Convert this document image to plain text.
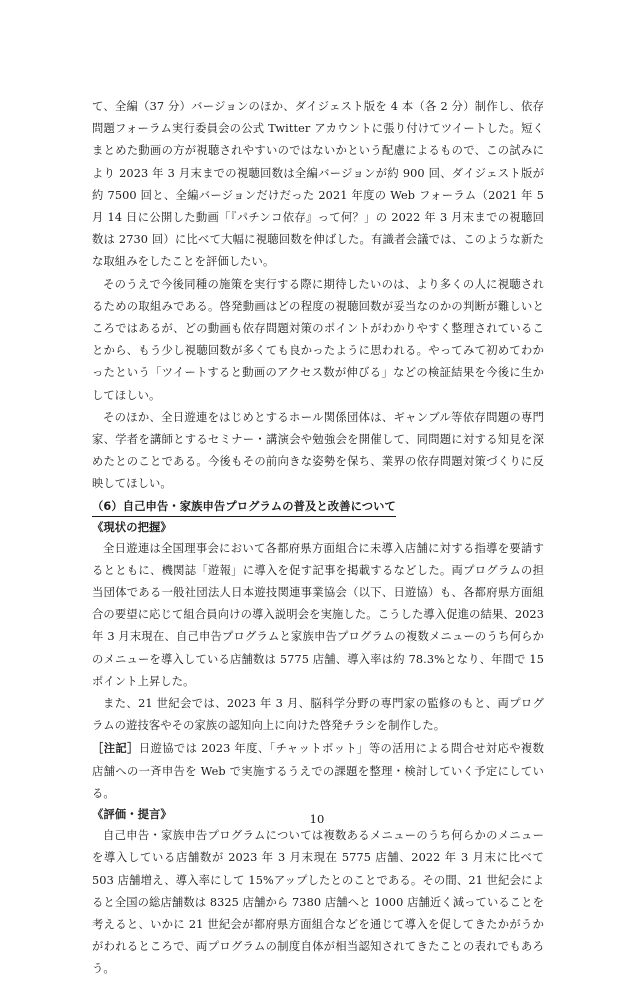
て、全編（37 分）バージョンのほか、ダイジェスト版を 4 本（各 2 分）制作し、依存問題フォーラム実行委員会の公式 Twitter アカウントに張り付けてツイートした。短くまとめた動画の方が視聴されやすいのではないかという配慮によるもので、この試みにより 2023 年 3 月末までの視聴回数は全編バージョンが約 900 回、ダイジェスト版が約 7500 回と、全編バージョンだけだった 2021 年度の Web フォーラム（2021 年 5 月 14 日に公開した動画「『パチンコ依存』って何？」の 2022 年 3 月末までの視聴回数は 2730 回）に比べて大幅に視聴回数を伸ばした。有識者会議では、このような新たな取組みをしたことを評価したい。

そのうえで今後同種の施策を実行する際に期待したいのは、より多くの人に視聴されるための取組みである。啓発動画はどの程度の視聴回数が妥当なのかの判断が難しいところではあるが、どの動画も依存問題対策のポイントがわかりやすく整理されていることから、もう少し視聴回数が多くても良かったように思われる。やってみて初めてわかったという「ツイートすると動画のアクセス数が伸びる」などの検証結果を今後に生かしてほしい。

そのほか、全日遊連をはじめとするホール関係団体は、ギャンブル等依存問題の専門家、学者を講師とするセミナー・講演会や勉強会を開催して、同問題に対する知見を深めたとのことである。今後もその前向きな姿勢を保ち、業界の依存問題対策づくりに反映してほしい。

（6）自己申告・家族申告プログラムの普及と改善について
《現状の把握》

全日遊連は全国理事会において各都府県方面組合に未導入店舗に対する指導を要請するとともに、機関誌「遊報」に導入を促す記事を掲載するなどした。両プログラムの担当団体である一般社団法人日本遊技関連事業協会（以下、日遊協）も、各都府県方面組合の要望に応じて組合員向けの導入説明会を実施した。こうした導入促進の結果、2023 年 3 月末現在、自己申告プログラムと家族申告プログラムの複数メニューのうち何らかのメニューを導入している店舗数は 5775 店舗、導入率は約 78.3%となり、年間で 15 ポイント上昇した。

また、21 世紀会では、2023 年 3 月、脳科学分野の専門家の監修のもと、両プログラムの遊技客やその家族の認知向上に向けた啓発チラシを制作した。

［注記］日遊協では 2023 年度、「チャットボット」等の活用による問合せ対応や複数店舗への一斉申告を Web で実施するうえでの課題を整理・検討していく予定にしている。

《評価・提言》

自己申告・家族申告プログラムについては複数あるメニューのうち何らかのメニューを導入している店舗数が 2023 年 3 月末現在 5775 店舗、2022 年 3 月末に比べて 503 店舗増え、導入率にして 15%アップしたとのことである。その間、21 世紀会によると全国の総店舗数は 8325 店舗から 7380 店舗へと 1000 店舗近く減っていることを考えると、いかに 21 世紀会が都府県方面組合などを通じて導入を促してきたかがうかがわれるところで、両プログラムの制度自体が相当認知されてきたことの表れでもあろう。

10
